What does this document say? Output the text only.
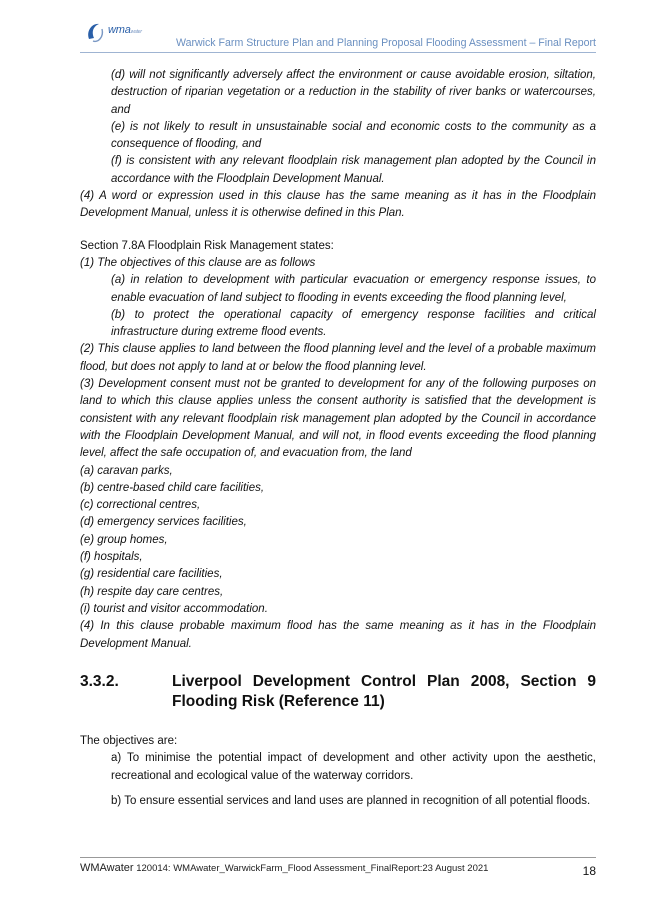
wmawater
Warwick Farm Structure Plan and Planning Proposal Flooding Assessment – Final Report

(d) will not significantly adversely affect the environment or cause avoidable erosion, siltation, destruction of riparian vegetation or a reduction in the stability of river banks or watercourses, and

(e) is not likely to result in unsustainable social and economic costs to the community as a consequence of flooding, and

(f) is consistent with any relevant floodplain risk management plan adopted by the Council in accordance with the Floodplain Development Manual.

(4) A word or expression used in this clause has the same meaning as it has in the Floodplain Development Manual, unless it is otherwise defined in this Plan.

Section 7.8A Floodplain Risk Management states:

(1) The objectives of this clause are as follows

(a) in relation to development with particular evacuation or emergency response issues, to enable evacuation of land subject to flooding in events exceeding the flood planning level,

(b) to protect the operational capacity of emergency response facilities and critical infrastructure during extreme flood events.

(2) This clause applies to land between the flood planning level and the level of a probable maximum flood, but does not apply to land at or below the flood planning level.

(3) Development consent must not be granted to development for any of the following purposes on land to which this clause applies unless the consent authority is satisfied that the development is consistent with any relevant floodplain risk management plan adopted by the Council in accordance with the Floodplain Development Manual, and will not, in flood events exceeding the flood planning level, affect the safe occupation of, and evacuation from, the land

(a) caravan parks,

(b) centre-based child care facilities,

(c) correctional centres,

(d) emergency services facilities,

(e) group homes,

(f) hospitals,

(g) residential care facilities,

(h) respite day care centres,

(i) tourist and visitor accommodation.

(4) In this clause probable maximum flood has the same meaning as it has in the Floodplain Development Manual.

3.3.2.	Liverpool Development Control Plan 2008, Section 9 Flooding Risk (Reference 11)

The objectives are:

a) To minimise the potential impact of development and other activity upon the aesthetic, recreational and ecological value of the waterway corridors.

b) To ensure essential services and land uses are planned in recognition of all potential floods.

WMAwater 120014: WMAwater_WarwickFarm_Flood Assessment_FinalReport:23 August 2021	18
